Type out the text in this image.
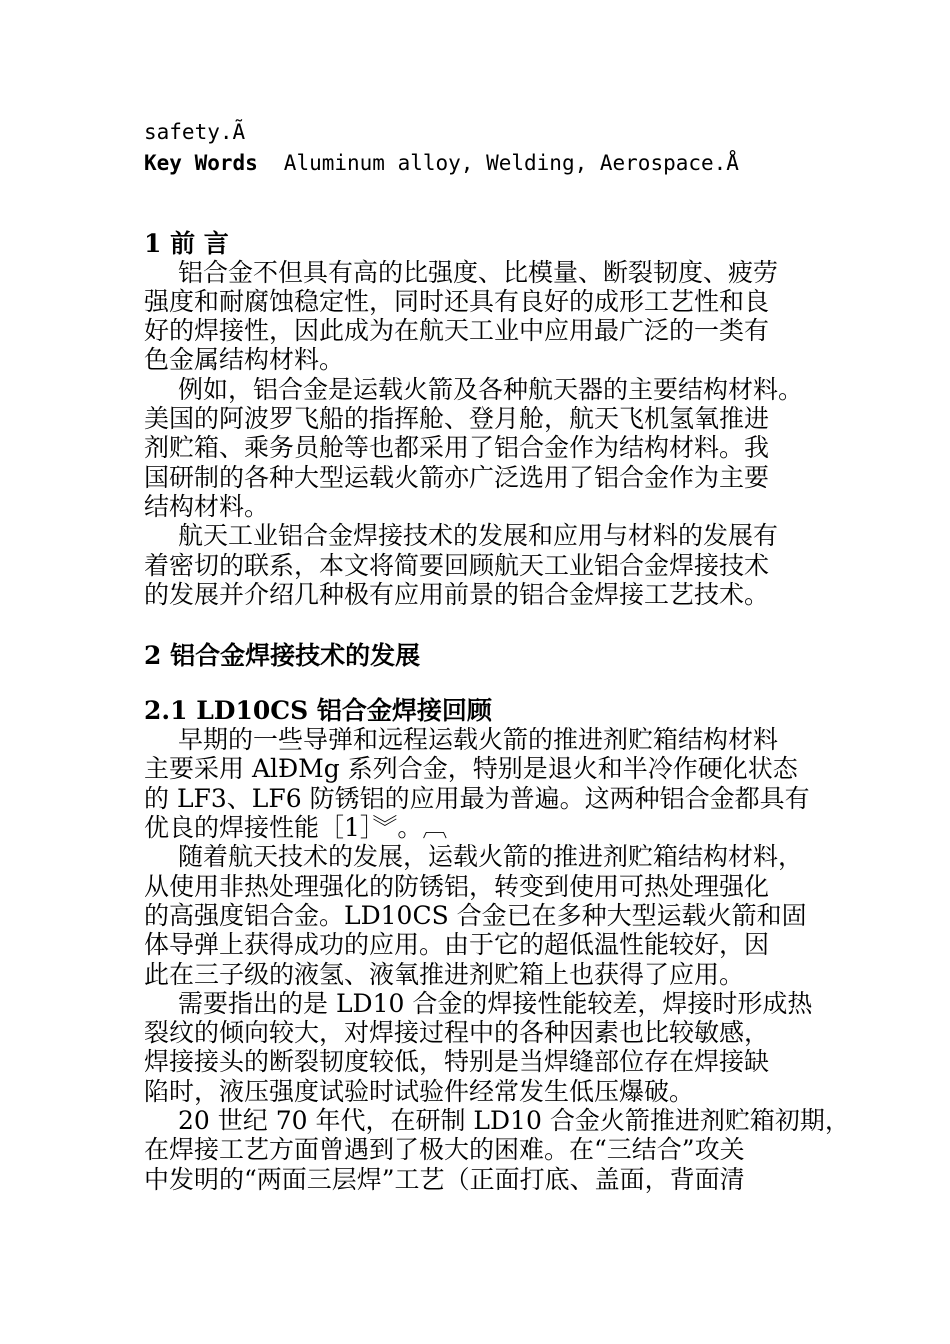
safety.Ã

Key Words Aluminum alloy, Welding, Aerospace.Å

1 前 言

铝合金不但具有高的比强度、比模量、断裂韧度、疲劳

强度和耐腐蚀稳定性，同时还具有良好的成形工艺性和良

好的焊接性，因此成为在航天工业中应用最广泛的一类有

色金属结构材料。

例如，铝合金是运载火箭及各种航天器的主要结构材料。

美国的阿波罗飞船的指挥舱、登月舱，航天飞机氢氧推进

剂贮箱、乘务员舱等也都采用了铝合金作为结构材料。我

国研制的各种大型运载火箭亦广泛选用了铝合金作为主要

结构材料。

航天工业铝合金焊接技术的发展和应用与材料的发展有

着密切的联系，本文将简要回顾航天工业铝合金焊接技术

的发展并介绍几种极有应用前景的铝合金焊接工艺技术。

2 铝合金焊接技术的发展
2.1 LD10CS 铝合金焊接回顾

早期的一些导弹和远程运载火箭的推进剂贮箱结构材料

主要采用 AlÐMg 系列合金，特别是退火和半冷作硬化状态

的 LF3、LF6 防锈铝的应用最为普遍。这两种铝合金都具有

优良的焊接性能［1］︾。︹

随着航天技术的发展，运载火箭的推进剂贮箱结构材料，

从使用非热处理强化的防锈铝，转变到使用可热处理强化

的高强度铝合金。LD10CS 合金已在多种大型运载火箭和固

体导弹上获得成功的应用。由于它的超低温性能较好，因

此在三子级的液氢、液氧推进剂贮箱上也获得了应用。

需要指出的是 LD10 合金的焊接性能较差，焊接时形成热

裂纹的倾向较大，对焊接过程中的各种因素也比较敏感，

焊接接头的断裂韧度较低，特别是当焊缝部位存在焊接缺

陷时，液压强度试验时试验件经常发生低压爆破。

20 世纪 70 年代，在研制 LD10 合金火箭推进剂贮箱初期，

在焊接工艺方面曾遇到了极大的困难。在“三结合”攻关

中发明的“两面三层焊”工艺（正面打底、盖面，背面清
